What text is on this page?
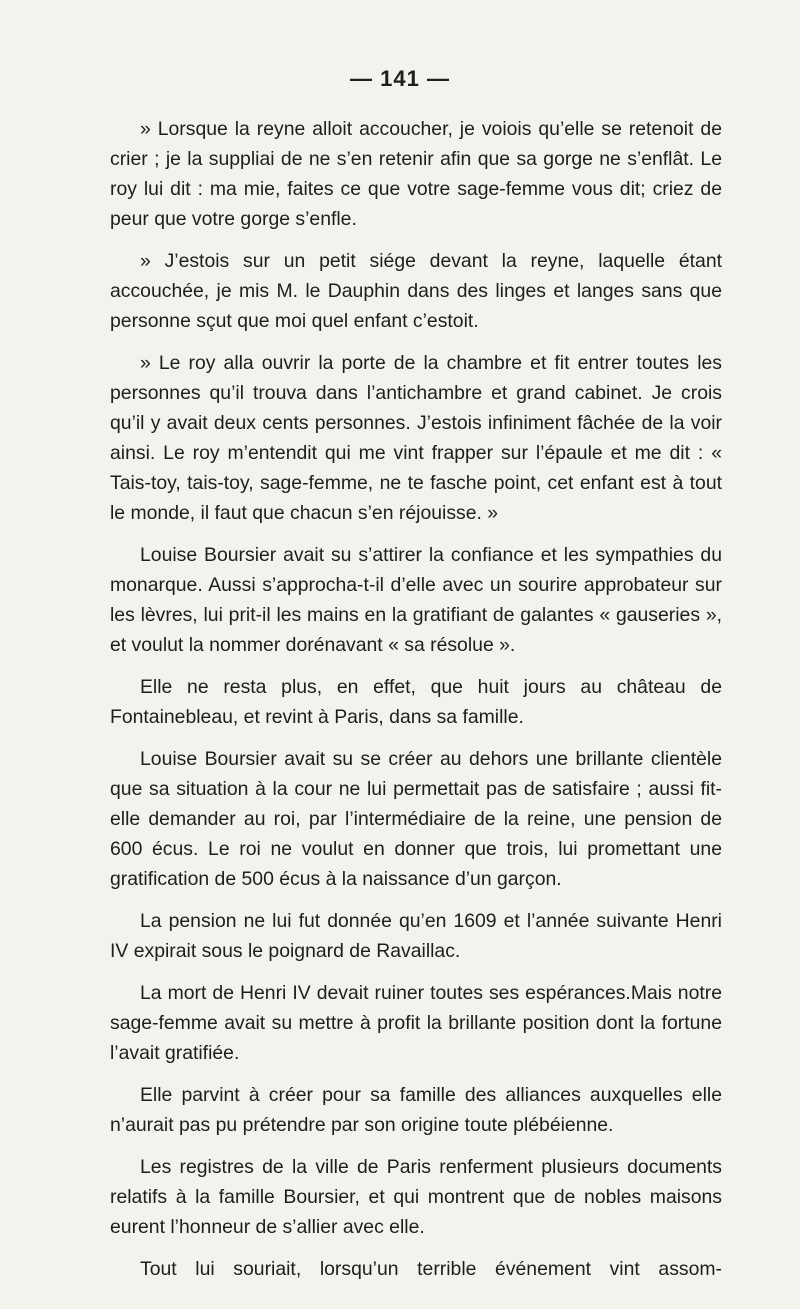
— 141 —

» Lorsque la reyne alloit accoucher, je voiois qu’elle se retenoit de crier ; je la suppliai de ne s’en retenir afin que sa gorge ne s’enflât. Le roy lui dit : ma mie, faites ce que votre sage-femme vous dit; criez de peur que votre gorge s’enfle.

» J’estois sur un petit siége devant la reyne, laquelle étant accouchée, je mis M. le Dauphin dans des linges et langes sans que personne sçut que moi quel enfant c’estoit.

» Le roy alla ouvrir la porte de la chambre et fit entrer toutes les personnes qu’il trouva dans l’antichambre et grand cabinet. Je crois qu’il y avait deux cents personnes. J’estois infiniment fâchée de la voir ainsi. Le roy m’entendit qui me vint frapper sur l’épaule et me dit : « Tais-toy, tais-toy, sage-femme, ne te fasche point, cet enfant est à tout le monde, il faut que chacun s’en réjouisse. »

Louise Boursier avait su s’attirer la confiance et les sympathies du monarque. Aussi s’approcha-t-il d’elle avec un sourire approbateur sur les lèvres, lui prit-il les mains en la gratifiant de galantes « gauseries », et voulut la nommer dorénavant « sa résolue ».

Elle ne resta plus, en effet, que huit jours au château de Fontainebleau, et revint à Paris, dans sa famille.

Louise Boursier avait su se créer au dehors une brillante clientèle que sa situation à la cour ne lui permettait pas de satisfaire ; aussi fit-elle demander au roi, par l’intermédiaire de la reine, une pension de 600 écus. Le roi ne voulut en donner que trois, lui promettant une gratification de 500 écus à la naissance d’un garçon.

La pension ne lui fut donnée qu’en 1609 et l’année suivante Henri IV expirait sous le poignard de Ravaillac.

La mort de Henri IV devait ruiner toutes ses espérances.Mais notre sage-femme avait su mettre à profit la brillante position dont la fortune l’avait gratifiée.

Elle parvint à créer pour sa famille des alliances auxquelles elle n’aurait pas pu prétendre par son origine toute plébéienne.

Les registres de la ville de Paris renferment plusieurs documents relatifs à la famille Boursier, et qui montrent que de nobles maisons eurent l’honneur de s’allier avec elle.

Tout lui souriait, lorsqu’un terrible événement vint assom-
